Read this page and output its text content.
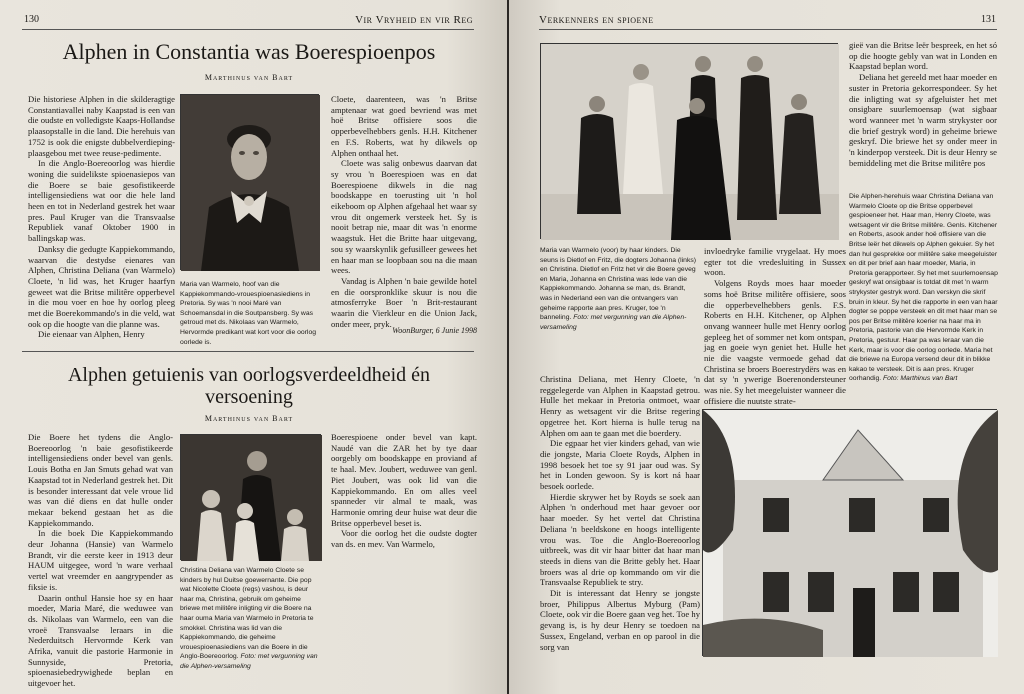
130	Vir Vryheid en vir Reg
Alphen in Constantia was Boerespioenpos
Marthinus van Bart

Die historiese Alphen in die skilderagtige Constantiavallei naby Kaapstad is een van die oudste en volledigste Kaaps-Hollandse plaasopstalle in die land. Die herehuis van 1752 is ook die enigste dubbelverdieping-plaasgebou met twee reuse-pedimente.

In die Anglo-Boereoorlog was hierdie woning die suidelikste spioenasiepos van die Boere se baie gesofistikeerde intelligensiediens wat oor die hele land heen en tot in Nederland gestrek het waar pres. Paul Kruger van die Transvaalse Republiek vanaf Oktober 1900 in ballingskap was.

Danksy die gedugte Kappiekommando, waarvan die destydse eienares van Alphen, Christina Deliana (van Warmelo) Cloete, 'n lid was, het Kruger haarfyn geweet wat die Britse militêre opperbevel in die mou voer en hoe hy oorlog pleeg met die Boerekommando's in die veld, wat ook op die hoogte van die planne was.

Die eienaar van Alphen, Henry

Maria van Warmelo, hoof van die Kappiekommando-vrouespioenasiediens in Pretoria. Sy was 'n nooi Maré van Schoemansdal in die Soutpansberg. Sy was getroud met ds. Nikolaas van Warmelo, Hervormde predikant wat kort voor die oorlog oorlede is.

Cloete, daarenteen, was 'n Britse amptenaar wat goed bevriend was met hoë Britse offisiere soos die opperbevelhebbers genls. H.H. Kitchener en F.S. Roberts, wat hy dikwels op Alphen onthaal het.

Cloete was salig onbewus daarvan dat sy vrou 'n Boerespioen was en dat Boerespioene dikwels in die nag boodskappe en toerusting uit 'n hol eikeboom op Alphen afgehaal het waar sy vrou dit ongemerk versteek het. Sy is nooit betrap nie, maar dit was 'n enorme waagstuk. Het die Britte haar uitgevang, sou sy waarskynlik gefusilleer gewees het en haar man se loopbaan sou na die maan wees.

Vandag is Alphen 'n baie gewilde hotel en die oorspronklike skuur is nou die atmosferryke Boer 'n Brit-restaurant waarin die Vierkleur en die Union Jack, onder meer, pryk.

WoonBurger, 6 Junie 1998
Alphen getuienis van oorlogsverdeeldheid én versoening
Marthinus van Bart

Die Boere het tydens die Anglo-Boereoorlog 'n baie gesofistikeerde intelligensiediens onder bevel van genls. Louis Botha en Jan Smuts gehad wat van Kaapstad tot in Nederland gestrek het. Dit is besonder interessant dat vele vroue lid was van dié diens en dat hulle onder mekaar bekend gestaan het as die Kappiekommando.

In die boek Die Kappiekommando deur Johanna (Hansie) van Warmelo Brandt, vir die eerste keer in 1913 deur HAUM uitgegee, word 'n ware verhaal vertel wat vreemder en aangrypender as fiksie is.

Daarin onthul Hansie hoe sy en haar moeder, Maria Maré, die weduwee van ds. Nikolaas van Warmelo, een van die vroeë Transvaalse leraars in die Nederduitsch Hervormde Kerk van Afrika, vanuit die pastorie Harmonie in Sunnyside, Pretoria, spioenasiebedrywighede beplan en uitgevoer het.

Christina Deliana van Warmelo Cloete se kinders by hul Duitse goewernante. Die pop wat Nicolette Cloete (regs) vashou, is deur haar ma, Christina, gebruik om geheime briewe met militêre inligting vir die Boere na haar ouma Maria van Warmelo in Pretoria te smokkel. Christina was lid van die Kappiekommando, die geheime vrouespioenasiediens van die Boere in die Anglo-Boereoorlog. Foto: met vergunning van die Alphen-versameling

Boerespioene onder bevel van kapt. Naudé van die ZAR het by tye daar oorgebly om boodskappe en proviand af te haal. Mev. Joubert, weduwee van genl. Piet Joubert, was ook lid van die Kappiekommando. En om alles veel spanneder vir almal te maak, was Harmonie omring deur huise wat deur die Britse opperbevel beset is.

Voor die oorlog het die oudste dogter van ds. en mev. Van Warmelo,

Verkenners en spioene	131
Maria van Warmelo (voor) by haar kinders. Die seuns is Dietlof en Fritz, die dogters Johanna (links) en Christina. Dietlof en Fritz het vir die Boere geveg en Maria, Johanna en Christina was lede van die Kappiekommando. Johanna se man, ds. Brandt, was in Nederland een van die ontvangers van geheime rapporte aan pres. Kruger, toe 'n banneling. Foto: met vergunning van die Alphen-versameling

invloedryke familie vrygelaat. Hy moes egter tot die vredesluiting in Sussex woon.

Volgens Royds moes haar moeder soms hoë Britse militêre offisiere, soos die opperbevelhebbers genls. F.S. Roberts en H.H. Kitchener, op Alphen onvang wanneer hulle met Henry oorlog gepleeg het of sommer net kom ontspan, jag en goeie wyn geniet het. Hulle het nie die vaagste vermoede gehad dat Christina se broers Boerestrydërs was en dat sy 'n ywerige Boerenondersteuner was nie. Sy het meegeluister wanneer die offisiere die nuutste strate-

gieë van die Britse leër bespreek, en het só op die hoogte gebly van wat in Londen en Kaapstad beplan word.

Deliana het gereeld met haar moeder en suster in Pretoria gekorrespondeer. Sy het die inligting wat sy afgeluister het met onsigbare suurlemoensap (wat sigbaar word wanneer met 'n warm strykyster oor die brief gestryk word) in geheime briewe geskryf. Die briewe het sy onder meer in 'n kinderpop versteek. Dit is deur Henry se bemiddeling met die Britse militêre pos

Die Alphen-herehuis waar Christina Deliana van Warmelo Cloete op die Britse opperbevel gespioeneer het. Haar man, Henry Cloete, was wetsagent vir die Britse militêre. Genls. Kitchener en Roberts, asook ander hoë offisiere van die Britse leër het dikwels op Alphen gekuier. Sy het dan hul gesprekke oor militêre sake meegeluister en dit per brief aan haar moeder, Maria, in Pretoria gerapporteer. Sy het met suurlemoensap geskryf wat onsigbaar is totdat dit met 'n warm strykyster gestryk word. Dan verskyn die skrif bruin in kleur. Sy het die rapporte in een van haar dogter se poppe versteek en dit met haar man se pos per Britse militêre koerier na haar ma in Pretoria, pastorie van die Hervormde Kerk in Pretoria, gestuur. Haar pa was leraar van die Kerk, maar is voor die oorlog oorlede. Maria het die briewe na Europa versend deur dit in blikke kakao te versteek. Dit is aan pres. Kruger oorhandig. Foto: Marthinus van Bart

Christina Deliana, met Henry Cloete, 'n reggelegerde van Alphen in Kaapstad getrou. Hulle het mekaar in Pretoria ontmoet, waar Henry as wetsagent vir die Britse regering opgetree het. Kort hierna is hulle terug na Alphen om aan te gaan met die boerdery.

Die egpaar het vier kinders gehad, van wie die jongste, Maria Cloete Royds, Alphen in 1998 besoek het toe sy 91 jaar oud was. Sy het in Londen gewoon. Sy is kort ná haar besoek oorlede.

Hierdie skrywer het by Royds se soek aan Alphen 'n onderhoud met haar gevoer oor haar moeder. Sy het vertel dat Christina Deliana 'n beeldskone en hoogs intelligente vrou was. Toe die Anglo-Boereoorlog uitbreek, was dit vir haar bitter dat haar man steeds in diens van die Britte gebly het. Haar broers was al drie op kommando om vir die Transvaalse Republiek te stry.

Dit is interessant dat Henry se jongste broer, Philippus Albertus Myburg (Pam) Cloete, ook vir die Boere gaan veg het. Toe hy gevang is, is hy deur Henry se toedoen na Sussex, Engeland, verban en op parool in die sorg van
